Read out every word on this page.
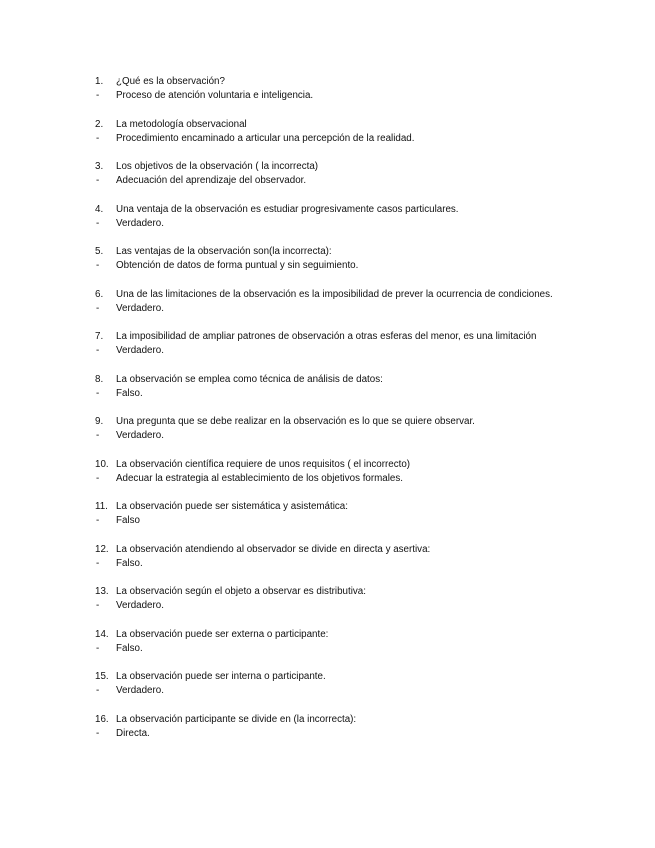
1. ¿Qué es la observación?
- Proceso de atención voluntaria e inteligencia.
2. La metodología observacional
- Procedimiento encaminado a articular una percepción de la realidad.
3. Los objetivos de la observación ( la incorrecta)
- Adecuación del aprendizaje del observador.
4. Una ventaja de la observación es estudiar progresivamente casos particulares.
- Verdadero.
5. Las ventajas de la observación son(la incorrecta):
- Obtención de datos de forma puntual y sin seguimiento.
6. Una de las limitaciones de la observación es la imposibilidad de prever la ocurrencia de condiciones.
- Verdadero.
7. La imposibilidad de ampliar patrones de observación a otras esferas del menor, es una limitación
- Verdadero.
8. La observación se emplea como técnica de análisis de datos:
- Falso.
9. Una pregunta que se debe realizar en la observación es lo que se quiere observar.
- Verdadero.
10. La observación científica requiere de unos requisitos ( el incorrecto)
- Adecuar la estrategia al establecimiento de los objetivos formales.
11. La observación puede ser sistemática y asistemática:
- Falso
12. La observación atendiendo al observador se divide en directa y asertiva:
- Falso.
13. La observación según el objeto a observar es distributiva:
- Verdadero.
14. La observación puede ser externa o participante:
- Falso.
15. La observación puede ser interna o participante.
- Verdadero.
16. La observación participante se divide en (la incorrecta):
- Directa.
